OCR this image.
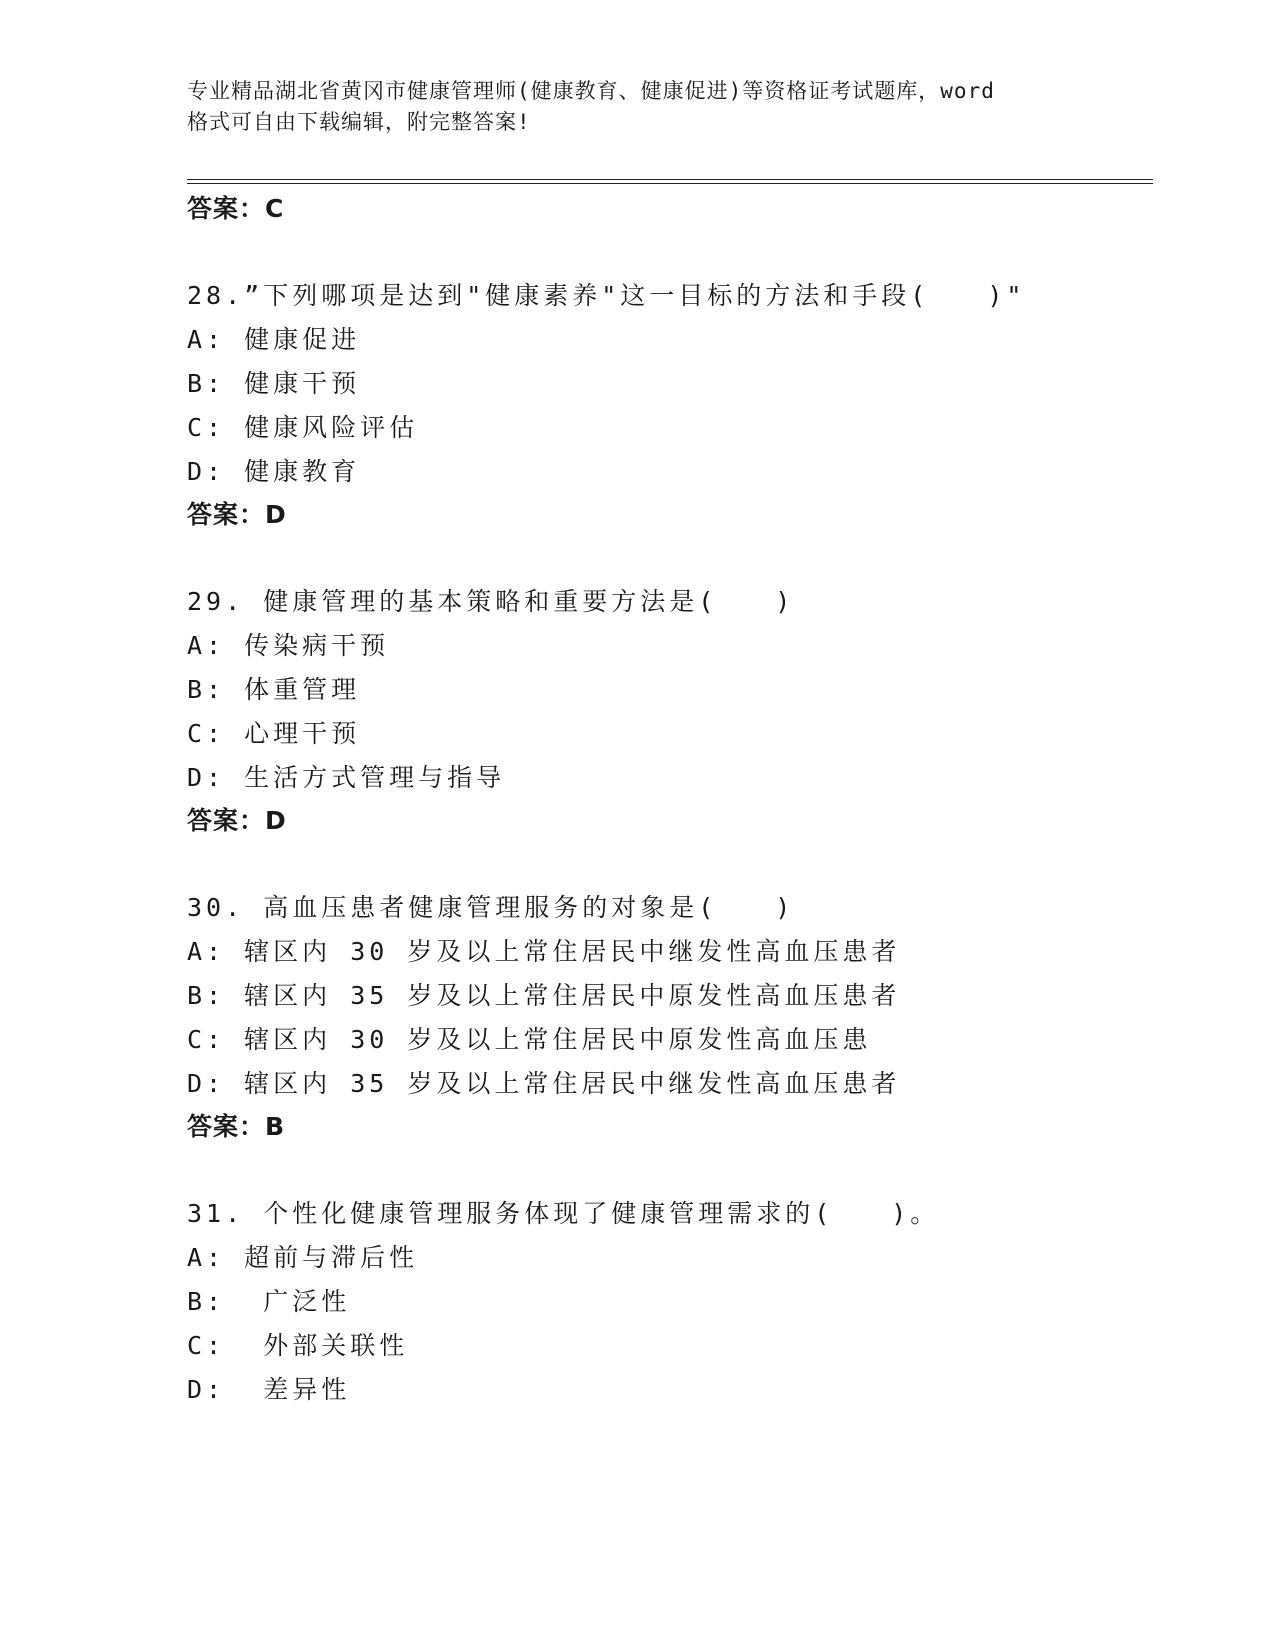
专业精品湖北省黄冈市健康管理师(健康教育、健康促进)等资格证考试题库，word
格式可自由下载编辑，附完整答案!
答案：C
28.”下列哪项是达到"健康素养"这一目标的方法和手段(　　)"
A: 健康促进
B: 健康干预
C: 健康风险评估
D: 健康教育
答案：D
29. 健康管理的基本策略和重要方法是(　　)
A: 传染病干预
B: 体重管理
C: 心理干预
D: 生活方式管理与指导
答案：D
30. 高血压患者健康管理服务的对象是(　　)
A: 辖区内 30 岁及以上常住居民中继发性高血压患者
B: 辖区内 35 岁及以上常住居民中原发性高血压患者
C: 辖区内 30 岁及以上常住居民中原发性高血压患
D: 辖区内 35 岁及以上常住居民中继发性高血压患者
答案：B
31. 个性化健康管理服务体现了健康管理需求的(　　)。
A: 超前与滞后性
B:  广泛性
C:  外部关联性
D:  差异性
